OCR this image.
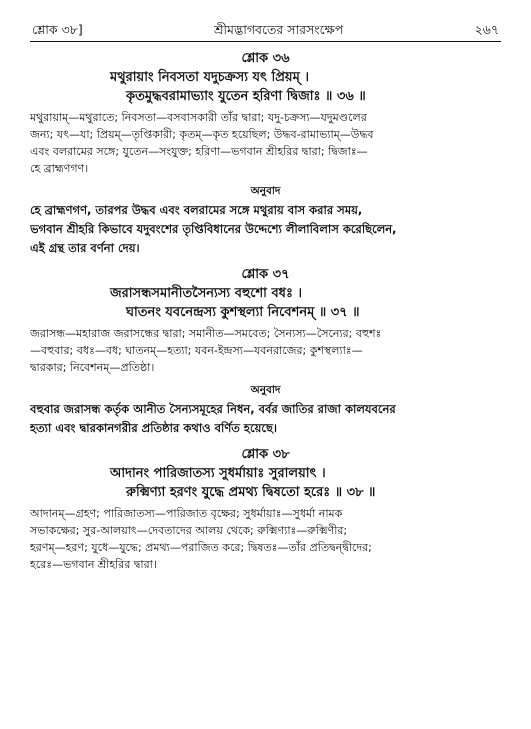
শ্লোক ৩৮]	শ্রীমদ্ভাগবতের সারসংক্ষেপ	২৬৭
শ্লোক ৩৬
মথুরায়াং নিবসতা যদুচক্রস্য যৎ প্রিয়ম্ ।
কৃতমুদ্ধবরামাভ্যাং যুতেন হরিণা দ্বিজাঃ ॥ ৩৬ ॥
মথুরায়াম্—মথুরাতে; নিবসতা—বসবাসকারী তাঁর দ্বারা; যদু-চক্রস্য—যদুমণ্ডলের
জন্য; যৎ—যা; প্রিয়ম্—তৃপ্তিকারী; কৃতম্—কৃত হয়েছিল; উদ্ধব-রামাভ্যাম্—উদ্ধব
এবং বলরামের সঙ্গে; যুতেন—সংযুক্ত; হরিণা—ভগবান শ্রীহরির দ্বারা; দ্বিজাঃ—
হে ব্রাহ্মণগণ।
অনুবাদ
হে ব্রাহ্মণগণ, তারপর উদ্ধব এবং বলরামের সঙ্গে মথুরায় বাস করার সময়,
ভগবান শ্রীহরি কিভাবে যদুবংশের তৃপ্তিবিধানের উদ্দেশ্যে লীলাবিলাস করেছিলেন,
এই গ্রন্থ তার বর্ণনা দেয়।
শ্লোক ৩৭
জরাসন্ধসমানীতসৈন্যস্য বহুশো বধঃ ।
ঘাতনং যবনেন্দ্রস্য কুশস্থল্যা নিবেশনম্ ॥ ৩৭ ॥
জরাসন্ধ—মহারাজ জরাসন্ধের দ্বারা; সমানীত—সমবেত; সৈন্যস্য—সৈন্যের; বহুশঃ
—বহুবার; বধঃ—বধ; ঘাতনম্—হত্যা; যবন-ইন্দ্রস্য—যবনরাজের; কুশস্থল্যাঃ—
দ্বারকার; নিবেশনম্—প্রতিষ্ঠা।
অনুবাদ
বহুবার জরাসন্ধ কর্তৃক আনীত সৈন্যসমূহের নিধন, বর্বর জাতির রাজা কালযবনের
হত্যা এবং দ্বারকানগরীর প্রতিষ্ঠার কথাও বর্ণিত হয়েছে।
শ্লোক ৩৮
আদানং পারিজাতস্য সুধর্মায়াঃ সুরালয়াৎ ।
রুক্মিণ্যা হরণং যুদ্ধে প্রমথ্য দ্বিষতো হরেঃ ॥ ৩৮ ॥
আদানম্—গ্রহণ; পারিজাতস্য—পারিজাত বৃক্ষের; সুধর্মায়াঃ—সুধর্মা নামক
সভাকক্ষের; সুর-আলয়াৎ—দেবতাদের আলয় থেকে; রুক্মিণ্যাঃ—রুক্মিণীর;
হরণম্—হরণ; যুধে—যুদ্ধে; প্রমথ্য—পরাজিত করে; দ্বিষতঃ—তাঁর প্রতিদ্বন্দ্বীদের;
হরেঃ—ভগবান শ্রীহরির দ্বারা।
